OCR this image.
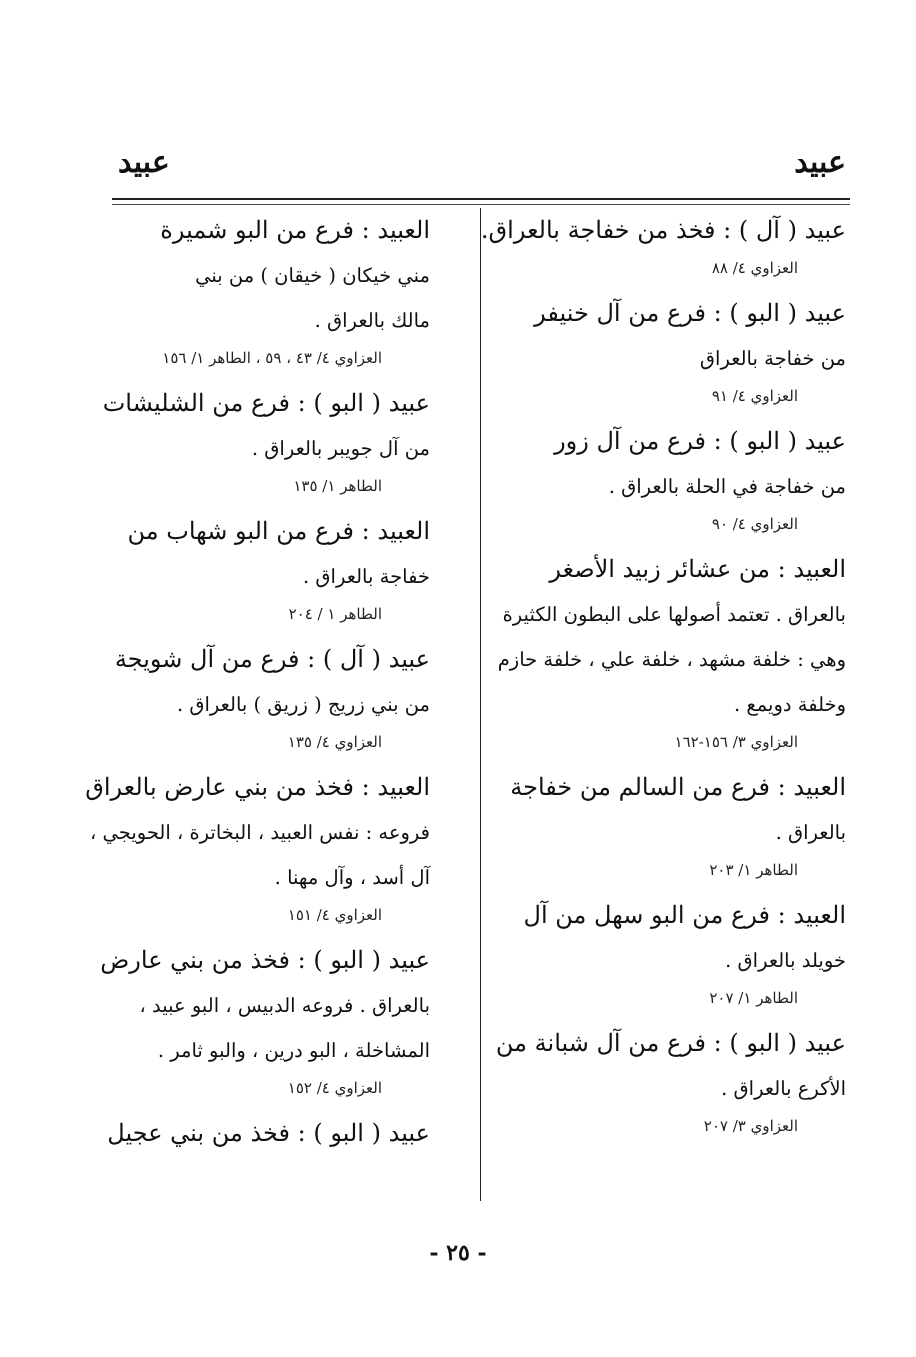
عبيد
عبيد
عبيد ( آل ) : فخذ من خفاجة بالعراق.
العزاوي ٤/ ٨٨
عبيد ( البو ) : فرع من آل خنيفر
من خفاجة بالعراق
العزاوي ٤/ ٩١
عبيد ( البو ) : فرع من آل زور
من خفاجة في الحلة بالعراق .
العزاوي ٤/ ٩٠
العبيد : من عشائر زبيد الأصغر
بالعراق . تعتمد أصولها على البطون الكثيرة
وهي : خلفة مشهد ، خلفة علي ، خلفة حازم
وخلفة دويمع .
العزاوي ٣/ ١٥٦-١٦٢
العبيد : فرع من السالم من خفاجة
بالعراق .
الطاهر ١/ ٢٠٣
العبيد : فرع من البو سهل من آل
خويلد بالعراق .
الطاهر ١/ ٢٠٧
عبيد ( البو ) : فرع من آل شبانة من
الأكرع بالعراق .
العزاوي ٣/ ٢٠٧
العبيد : فرع من البو شميرة
مني خيكان ( خيقان ) من بني
مالك بالعراق .
العزاوي ٤/ ٤٣ ، ٥٩ ، الطاهر ١/ ١٥٦
عبيد ( البو ) : فرع من الشليشات
من آل جويبر بالعراق .
الطاهر ١/ ١٣٥
العبيد : فرع من البو شهاب من
خفاجة بالعراق .
الطاهر ١ / ٢٠٤
عبيد ( آل ) : فرع من آل شويجة
من بني زريج ( زريق ) بالعراق .
العزاوي ٤/ ١٣٥
العبيد : فخذ من بني عارض بالعراق
فروعه : نفس العبيد ، البخاترة ، الحويجي ،
آل أسد ، وآل مهنا .
العزاوي ٤/ ١٥١
عبيد ( البو ) : فخذ من بني عارض
بالعراق . فروعه الدبيس ، البو عبيد ،
المشاخلة ، البو درين ، والبو ثامر .
العزاوي ٤/ ١٥٢
عبيد ( البو ) : فخذ من بني عجيل
- ٢٥ -
